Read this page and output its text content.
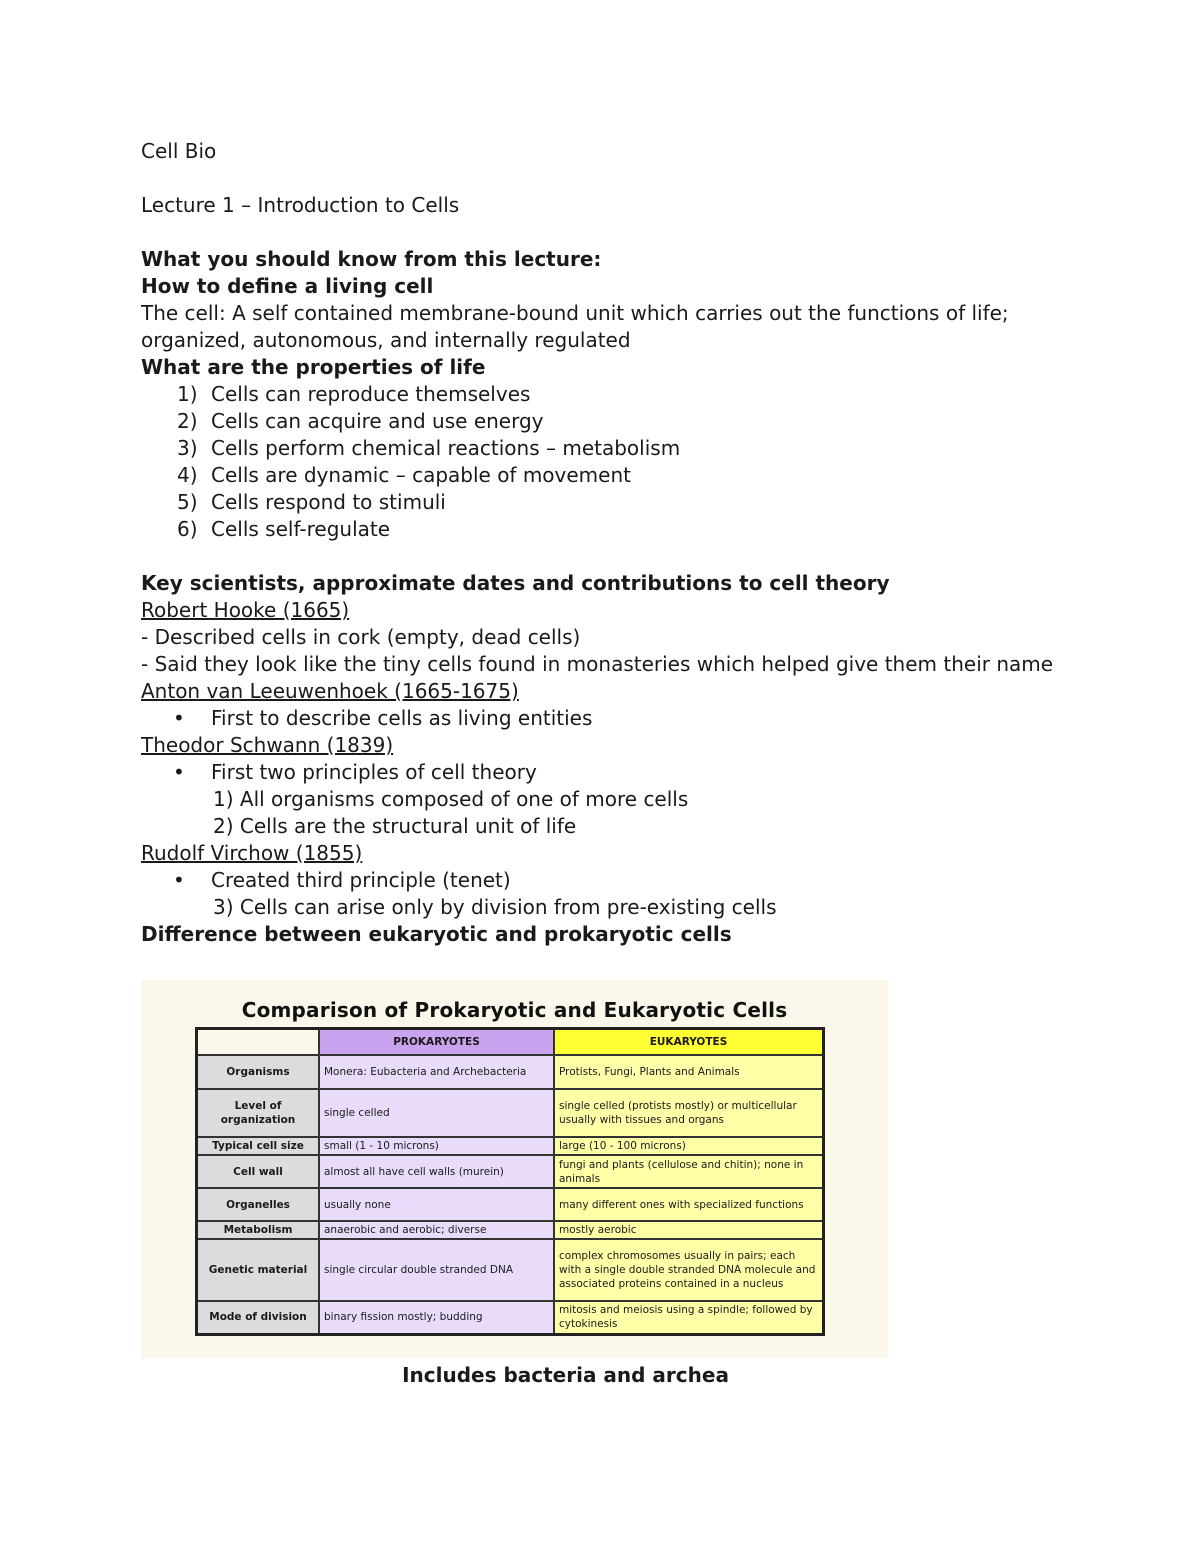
Cell Bio
Lecture 1 – Introduction to Cells
What you should know from this lecture:
How to define a living cell
The cell: A self contained membrane-bound unit which carries out the functions of life; organized, autonomous, and internally regulated
What are the properties of life
1) Cells can reproduce themselves
2) Cells can acquire and use energy
3) Cells perform chemical reactions – metabolism
4) Cells are dynamic – capable of movement
5) Cells respond to stimuli
6) Cells self-regulate
Key scientists, approximate dates and contributions to cell theory
Robert Hooke (1665)
- Described cells in cork (empty, dead cells)
- Said they look like the tiny cells found in monasteries which helped give them their name
Anton van Leeuwenhoek (1665-1675)
• First to describe cells as living entities
Theodor Schwann (1839)
• First two principles of cell theory
1) All organisms composed of one of more cells
2) Cells are the structural unit of life
Rudolf Virchow (1855)
• Created third principle (tenet)
3) Cells can arise only by division from pre-existing cells
Difference between eukaryotic and prokaryotic cells
Comparison of Prokaryotic and Eukaryotic Cells
	PROKARYOTES	EUKARYOTES
Organisms	Monera: Eubacteria and Archebacteria	Protists, Fungi, Plants and Animals
Level of organization	single celled	single celled (protists mostly) or multicellular usually with tissues and organs
Typical cell size	small (1 - 10 microns)	large (10 - 100 microns)
Cell wall	almost all have cell walls (murein)	fungi and plants (cellulose and chitin); none in animals
Organelles	usually none	many different ones with specialized functions
Metabolism	anaerobic and aerobic; diverse	mostly aerobic
Genetic material	single circular double stranded DNA	complex chromosomes usually in pairs; each with a single double stranded DNA molecule and associated proteins contained in a nucleus
Mode of division	binary fission mostly; budding	mitosis and meiosis using a spindle; followed by cytokinesis
Includes bacteria and archea
